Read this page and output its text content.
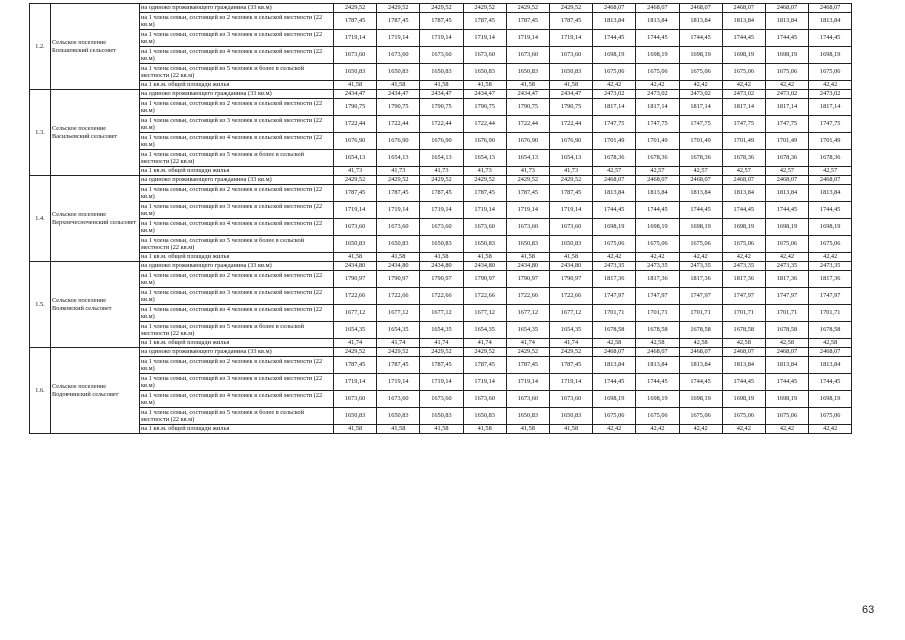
1.2.	Сельское поселение Большовский сельсовет	на одиноко проживающего гражданина (33 кв.м)	2429,52	2429,52	2429,52	2429,52	2429,52	2429,52	2468,07	2468,07	2468,07	2468,07	2468,07	2468,07
		на 1 члена семьи, состоящей из 2 человек в сельской местности (22 кв.м)	1787,45	1787,45	1787,45	1787,45	1787,45	1787,45	1813,84	1813,84	1813,84	1813,84	1813,84	1813,84
		на 1 члена семьи, состоящей из 3 человек в сельской местности (22 кв.м)	1719,14	1719,14	1719,14	1719,14	1719,14	1719,14	1744,45	1744,45	1744,45	1744,45	1744,45	1744,45
		на 1 члена семьи, состоящей из 4 человек в сельской местности (22 кв.м)	1673,60	1673,60	1673,60	1673,60	1673,60	1673,60	1698,19	1698,19	1698,19	1698,19	1698,19	1698,19
		на 1 члена семьи, состоящей из 5 человек и более в сельской местности (22 кв.м)	1650,83	1650,83	1650,83	1650,83	1650,83	1650,83	1675,06	1675,06	1675,06	1675,06	1675,06	1675,06
		на 1 кв.м. общей площади жилья	41,58	41,58	41,58	41,58	41,58	41,58	42,42	42,42	42,42	42,42	42,42	42,42
1.3.	Сельское поселение Васильевский сельсовет	на одиноко проживающего гражданина (33 кв.м)	2434,47	2434,47	2434,47	2434,47	2434,47	2434,47	2473,02	2473,02	2473,02	2473,02	2473,02	2473,02
		на 1 члена семьи, состоящей из 2 человек в сельской местности (22 кв.м)	1790,75	1790,75	1790,75	1790,75	1790,75	1790,75	1817,14	1817,14	1817,14	1817,14	1817,14	1817,14
		на 1 члена семьи, состоящей из 3 человек в сельской местности (22 кв.м)	1722,44	1722,44	1722,44	1722,44	1722,44	1722,44	1747,75	1747,75	1747,75	1747,75	1747,75	1747,75
		на 1 члена семьи, состоящей из 4 человек в сельской местности (22 кв.м)	1676,90	1676,90	1676,90	1676,90	1676,90	1676,90	1701,49	1701,49	1701,49	1701,49	1701,49	1701,49
		на 1 члена семьи, состоящей из 5 человек и более в сельской местности (22 кв.м)	1654,13	1654,13	1654,13	1654,13	1654,13	1654,13	1678,36	1678,36	1678,36	1678,36	1678,36	1678,36
		на 1 кв.м. общей площади жилья	41,73	41,73	41,73	41,73	41,73	41,73	42,57	42,57	42,57	42,57	42,57	42,57
1.4.	Сельское поселение Верхнечесноченский сельсовет	на одиноко проживающего гражданина (33 кв.м)	2429,52	2429,52	2429,52	2429,52	2429,52	2429,52	2468,07	2468,07	2468,07	2468,07	2468,07	2468,07
		на 1 члена семьи, состоящей из 2 человек в сельской местности (22 кв.м)	1787,45	1787,45	1787,45	1787,45	1787,45	1787,45	1813,84	1813,84	1813,84	1813,84	1813,84	1813,84
		на 1 члена семьи, состоящей из 3 человек в сельской местности (22 кв.м)	1719,14	1719,14	1719,14	1719,14	1719,14	1719,14	1744,45	1744,45	1744,45	1744,45	1744,45	1744,45
		на 1 члена семьи, состоящей из 4 человек в сельской местности (22 кв.м)	1673,60	1673,60	1673,60	1673,60	1673,60	1673,60	1698,19	1698,19	1698,19	1698,19	1698,19	1698,19
		на 1 члена семьи, состоящей из 5 человек и более в сельской местности (22 кв.м)	1650,83	1650,83	1650,83	1650,83	1650,83	1650,83	1675,06	1675,06	1675,06	1675,06	1675,06	1675,06
		на 1 кв.м. общей площади жилья	41,58	41,58	41,58	41,58	41,58	41,58	42,42	42,42	42,42	42,42	42,42	42,42
1.5.	Сельское поселение Волковский сельсовет	на одиноко проживающего гражданина (33 кв.м)	2434,80	2434,80	2434,80	2434,80	2434,80	2434,80	2473,35	2473,35	2473,35	2473,35	2473,35	2473,35
		на 1 члена семьи, состоящей из 2 человек в сельской местности (22 кв.м)	1790,97	1790,97	1790,97	1790,97	1790,97	1790,97	1817,36	1817,36	1817,36	1817,36	1817,36	1817,36
		на 1 члена семьи, состоящей из 3 человек в сельской местности (22 кв.м)	1722,66	1722,66	1722,66	1722,66	1722,66	1722,66	1747,97	1747,97	1747,97	1747,97	1747,97	1747,97
		на 1 члена семьи, состоящей из 4 человек в сельской местности (22 кв.м)	1677,12	1677,12	1677,12	1677,12	1677,12	1677,12	1701,71	1701,71	1701,71	1701,71	1701,71	1701,71
		на 1 члена семьи, состоящей из 5 человек и более в сельской местности (22 кв.м)	1654,35	1654,35	1654,35	1654,35	1654,35	1654,35	1678,58	1678,58	1678,58	1678,58	1678,58	1678,58
		на 1 кв.м. общей площади жилья	41,74	41,74	41,74	41,74	41,74	41,74	42,58	42,58	42,58	42,58	42,58	42,58
1.6.	Сельское поселение Водовчинский сельсовет	на одиноко проживающего гражданина (33 кв.м)	2429,52	2429,52	2429,52	2429,52	2429,52	2429,52	2468,07	2468,07	2468,07	2468,07	2468,07	2468,07
		на 1 члена семьи, состоящей из 2 человек в сельской местности (22 кв.м)	1787,45	1787,45	1787,45	1787,45	1787,45	1787,45	1813,84	1813,84	1813,84	1813,84	1813,84	1813,84
		на 1 члена семьи, состоящей из 3 человек в сельской местности (22 кв.м)	1719,14	1719,14	1719,14	1719,14	1719,14	1719,14	1744,45	1744,45	1744,45	1744,45	1744,45	1744,45
		на 1 члена семьи, состоящей из 4 человек в сельской местности (22 кв.м)	1673,60	1673,60	1673,60	1673,60	1673,60	1673,60	1698,19	1698,19	1698,19	1698,19	1698,19	1698,19
		на 1 члена семьи, состоящей из 5 человек и более в сельской местности (22 кв.м)	1650,83	1650,83	1650,83	1650,83	1650,83	1650,83	1675,06	1675,06	1675,06	1675,06	1675,06	1675,06
		на 1 кв.м. общей площади жилья	41,58	41,58	41,58	41,58	41,58	41,58	42,42	42,42	42,42	42,42	42,42	42,42
63
